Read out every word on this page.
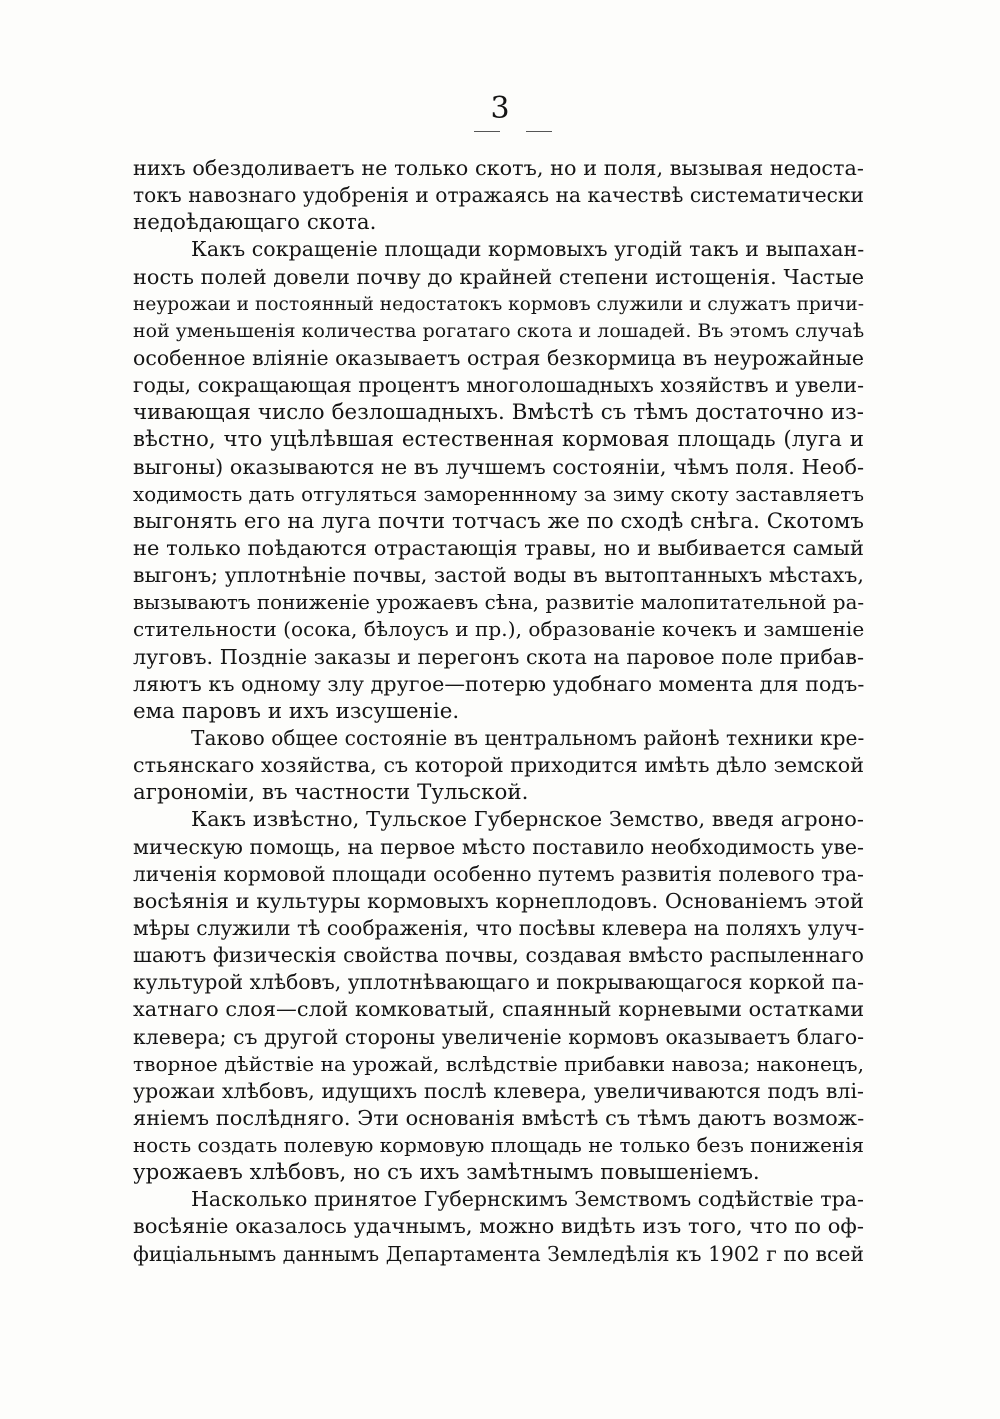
3
нихъ обездоливаетъ не только скотъ, но и поля, вызывая недоста-
токъ навознаго удобренія и отражаясь на качествѣ систематически
недоѣдающаго скота.
Какъ сокращеніе площади кормовыхъ угодій такъ и выпахан-
ность полей довели почву до крайней степени истощенія. Частые
неурожаи и постоянный недостатокъ кормовъ служили и служатъ причи-
ной уменьшенія количества рогатаго скота и лошадей. Въ этомъ случаѣ
особенное вліяніе оказываетъ острая безкормица въ неурожайные
годы, сокращающая процентъ многолошадныхъ хозяйствъ и увели-
чивающая число безлошадныхъ. Вмѣстѣ съ тѣмъ достаточно из-
вѣстно, что уцѣлѣвшая естественная кормовая площадь (луга и
выгоны) оказываются не въ лучшемъ состояніи, чѣмъ поля. Необ-
ходимость дать отгуляться замореннному за зиму скоту заставляетъ
выгонять его на луга почти тотчасъ же по сходѣ снѣга. Скотомъ
не только поѣдаются отрастающія травы, но и выбивается самый
выгонъ; уплотнѣніе почвы, застой воды въ вытоптанныхъ мѣстахъ,
вызываютъ пониженіе урожаевъ сѣна, развитіе малопитательной ра-
стительности (осока, бѣлоусъ и пр.), образованіе кочекъ и замшеніе
луговъ. Поздніе заказы и перегонъ скота на паровое поле прибав-
ляютъ къ одному злу другое—потерю удобнаго момента для подъ-
ема паровъ и ихъ изсушеніе.
Таково общее состояніе въ центральномъ районѣ техники кре-
стьянскаго хозяйства, съ которой приходится имѣть дѣло земской
агрономіи, въ частности Тульской.
Какъ извѣстно, Тульское Губернское Земство, введя агроно-
мическую помощь, на первое мѣсто поставило необходимость уве-
личенія кормовой площади особенно путемъ развитія полевого тра-
восѣянія и культуры кормовыхъ корнеплодовъ. Основаніемъ этой
мѣры служили тѣ соображенія, что посѣвы клевера на поляхъ улуч-
шаютъ физическія свойства почвы, создавая вмѣсто распыленнаго
культурой хлѣбовъ, уплотнѣвающаго и покрывающагося коркой па-
хатнаго слоя—слой комковатый, спаянный корневыми остатками
клевера; съ другой стороны увеличеніе кормовъ оказываетъ благо-
творное дѣйствіе на урожай, вслѣдствіе прибавки навоза; наконецъ,
урожаи хлѣбовъ, идущихъ послѣ клевера, увеличиваются подъ влі-
яніемъ послѣдняго. Эти основанія вмѣстѣ съ тѣмъ даютъ возмож-
ность создать полевую кормовую площадь не только безъ пониженія
урожаевъ хлѣбовъ, но съ ихъ замѣтнымъ повышеніемъ.
Насколько принятое Губернскимъ Земствомъ содѣйствіе тра-
восѣяніе оказалось удачнымъ, можно видѣть изъ того, что по оф-
фиціальнымъ даннымъ Департамента Земледѣлія къ 1902 г по всей
